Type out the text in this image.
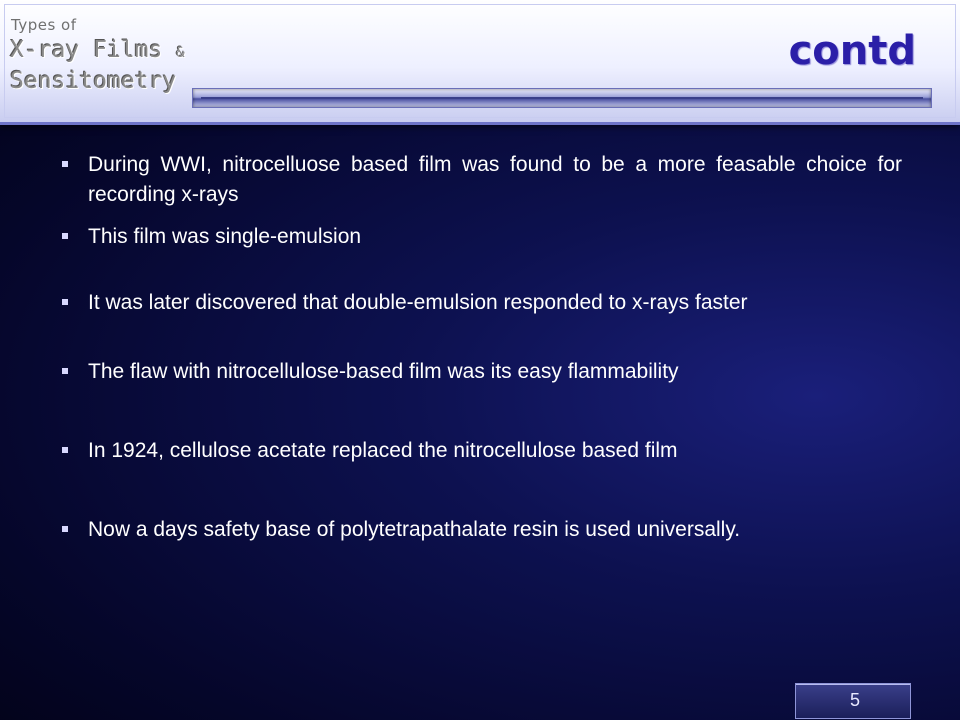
Types of
X-ray Films &
Sensitometry
contd
During WWI, nitrocelluose based film was found to be a more feasable choice for recording x-rays
This film was single-emulsion
It was later discovered that double-emulsion responded to x-rays faster
The flaw with nitrocellulose-based film was its easy flammability
In 1924, cellulose acetate replaced the nitrocellulose based film
Now a days safety base of polytetrapathalate resin is used universally.
5
